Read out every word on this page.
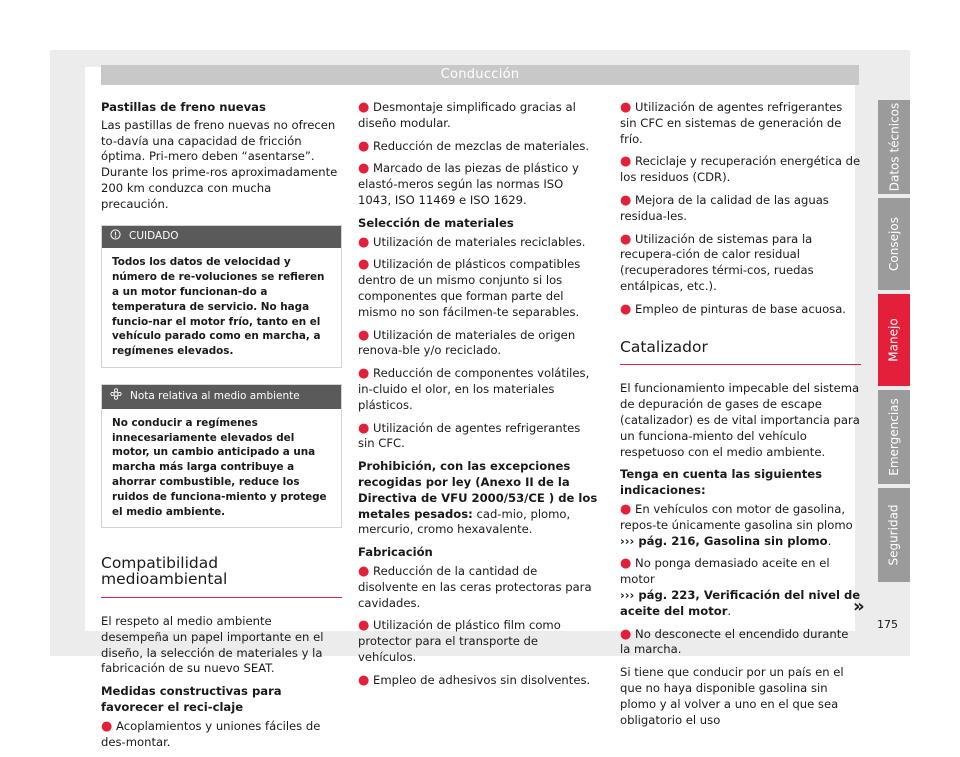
Conducción

Pastillas de freno nuevas

Las pastillas de freno nuevas no ofrecen to-davía una capacidad de fricción óptima. Pri-mero deben “asentarse”. Durante los prime-ros aproximadamente 200 km conduzca con mucha precaución.

CUIDADO
Todos los datos de velocidad y número de re-voluciones se refieren a un motor funcionan-do a temperatura de servicio. No haga funcio-nar el motor frío, tanto en el vehículo parado como en marcha, a regímenes elevados.
Nota relativa al medio ambiente
No conducir a regímenes innecesariamente elevados del motor, un cambio anticipado a una marcha más larga contribuye a ahorrar combustible, reduce los ruidos de funciona-miento y protege el medio ambiente.
Compatibilidad medioambiental

El respeto al medio ambiente desempeña un papel importante en el diseño, la selección de materiales y la fabricación de su nuevo SEAT.

Medidas constructivas para favorecer el reci-claje

● Acoplamientos y uniones fáciles de des-montar.

● Desmontaje simplificado gracias al diseño modular.

● Reducción de mezclas de materiales.

● Marcado de las piezas de plástico y elastó-meros según las normas ISO 1043, ISO 11469 e ISO 1629.

Selección de materiales

● Utilización de materiales reciclables.

● Utilización de plásticos compatibles dentro de un mismo conjunto si los componentes que forman parte del mismo no son fácilmen-te separables.

● Utilización de materiales de origen renova-ble y/o reciclado.

● Reducción de componentes volátiles, in-cluido el olor, en los materiales plásticos.

● Utilización de agentes refrigerantes sin CFC.

Prohibición, con las excepciones recogidas por ley (Anexo II de la Directiva de VFU 2000/53/CE ) de los metales pesados: cad-mio, plomo, mercurio, cromo hexavalente.

Fabricación

● Reducción de la cantidad de disolvente en las ceras protectoras para cavidades.

● Utilización de plástico film como protector para el transporte de vehículos.

● Empleo de adhesivos sin disolventes.

● Utilización de agentes refrigerantes sin CFC en sistemas de generación de frío.

● Reciclaje y recuperación energética de los residuos (CDR).

● Mejora de la calidad de las aguas residua-les.

● Utilización de sistemas para la recupera-ción de calor residual (recuperadores térmi-cos, ruedas entálpicas, etc.).

● Empleo de pinturas de base acuosa.

Catalizador

El funcionamiento impecable del sistema de depuración de gases de escape (catalizador) es de vital importancia para un funciona-miento del vehículo respetuoso con el medio ambiente.

Tenga en cuenta las siguientes indicaciones:

● En vehículos con motor de gasolina, repos-te únicamente gasolina sin plomo
››› pág. 216, Gasolina sin plomo.

● No ponga demasiado aceite en el motor
››› pág. 223, Verificación del nivel de aceite del motor.

● No desconecte el encendido durante la marcha.

Si tiene que conducir por un país en el que no haya disponible gasolina sin plomo y al volver a uno en el que sea obligatorio el uso

Datos técnicos
Consejos
Manejo
Emergencias
Seguridad
»
175
